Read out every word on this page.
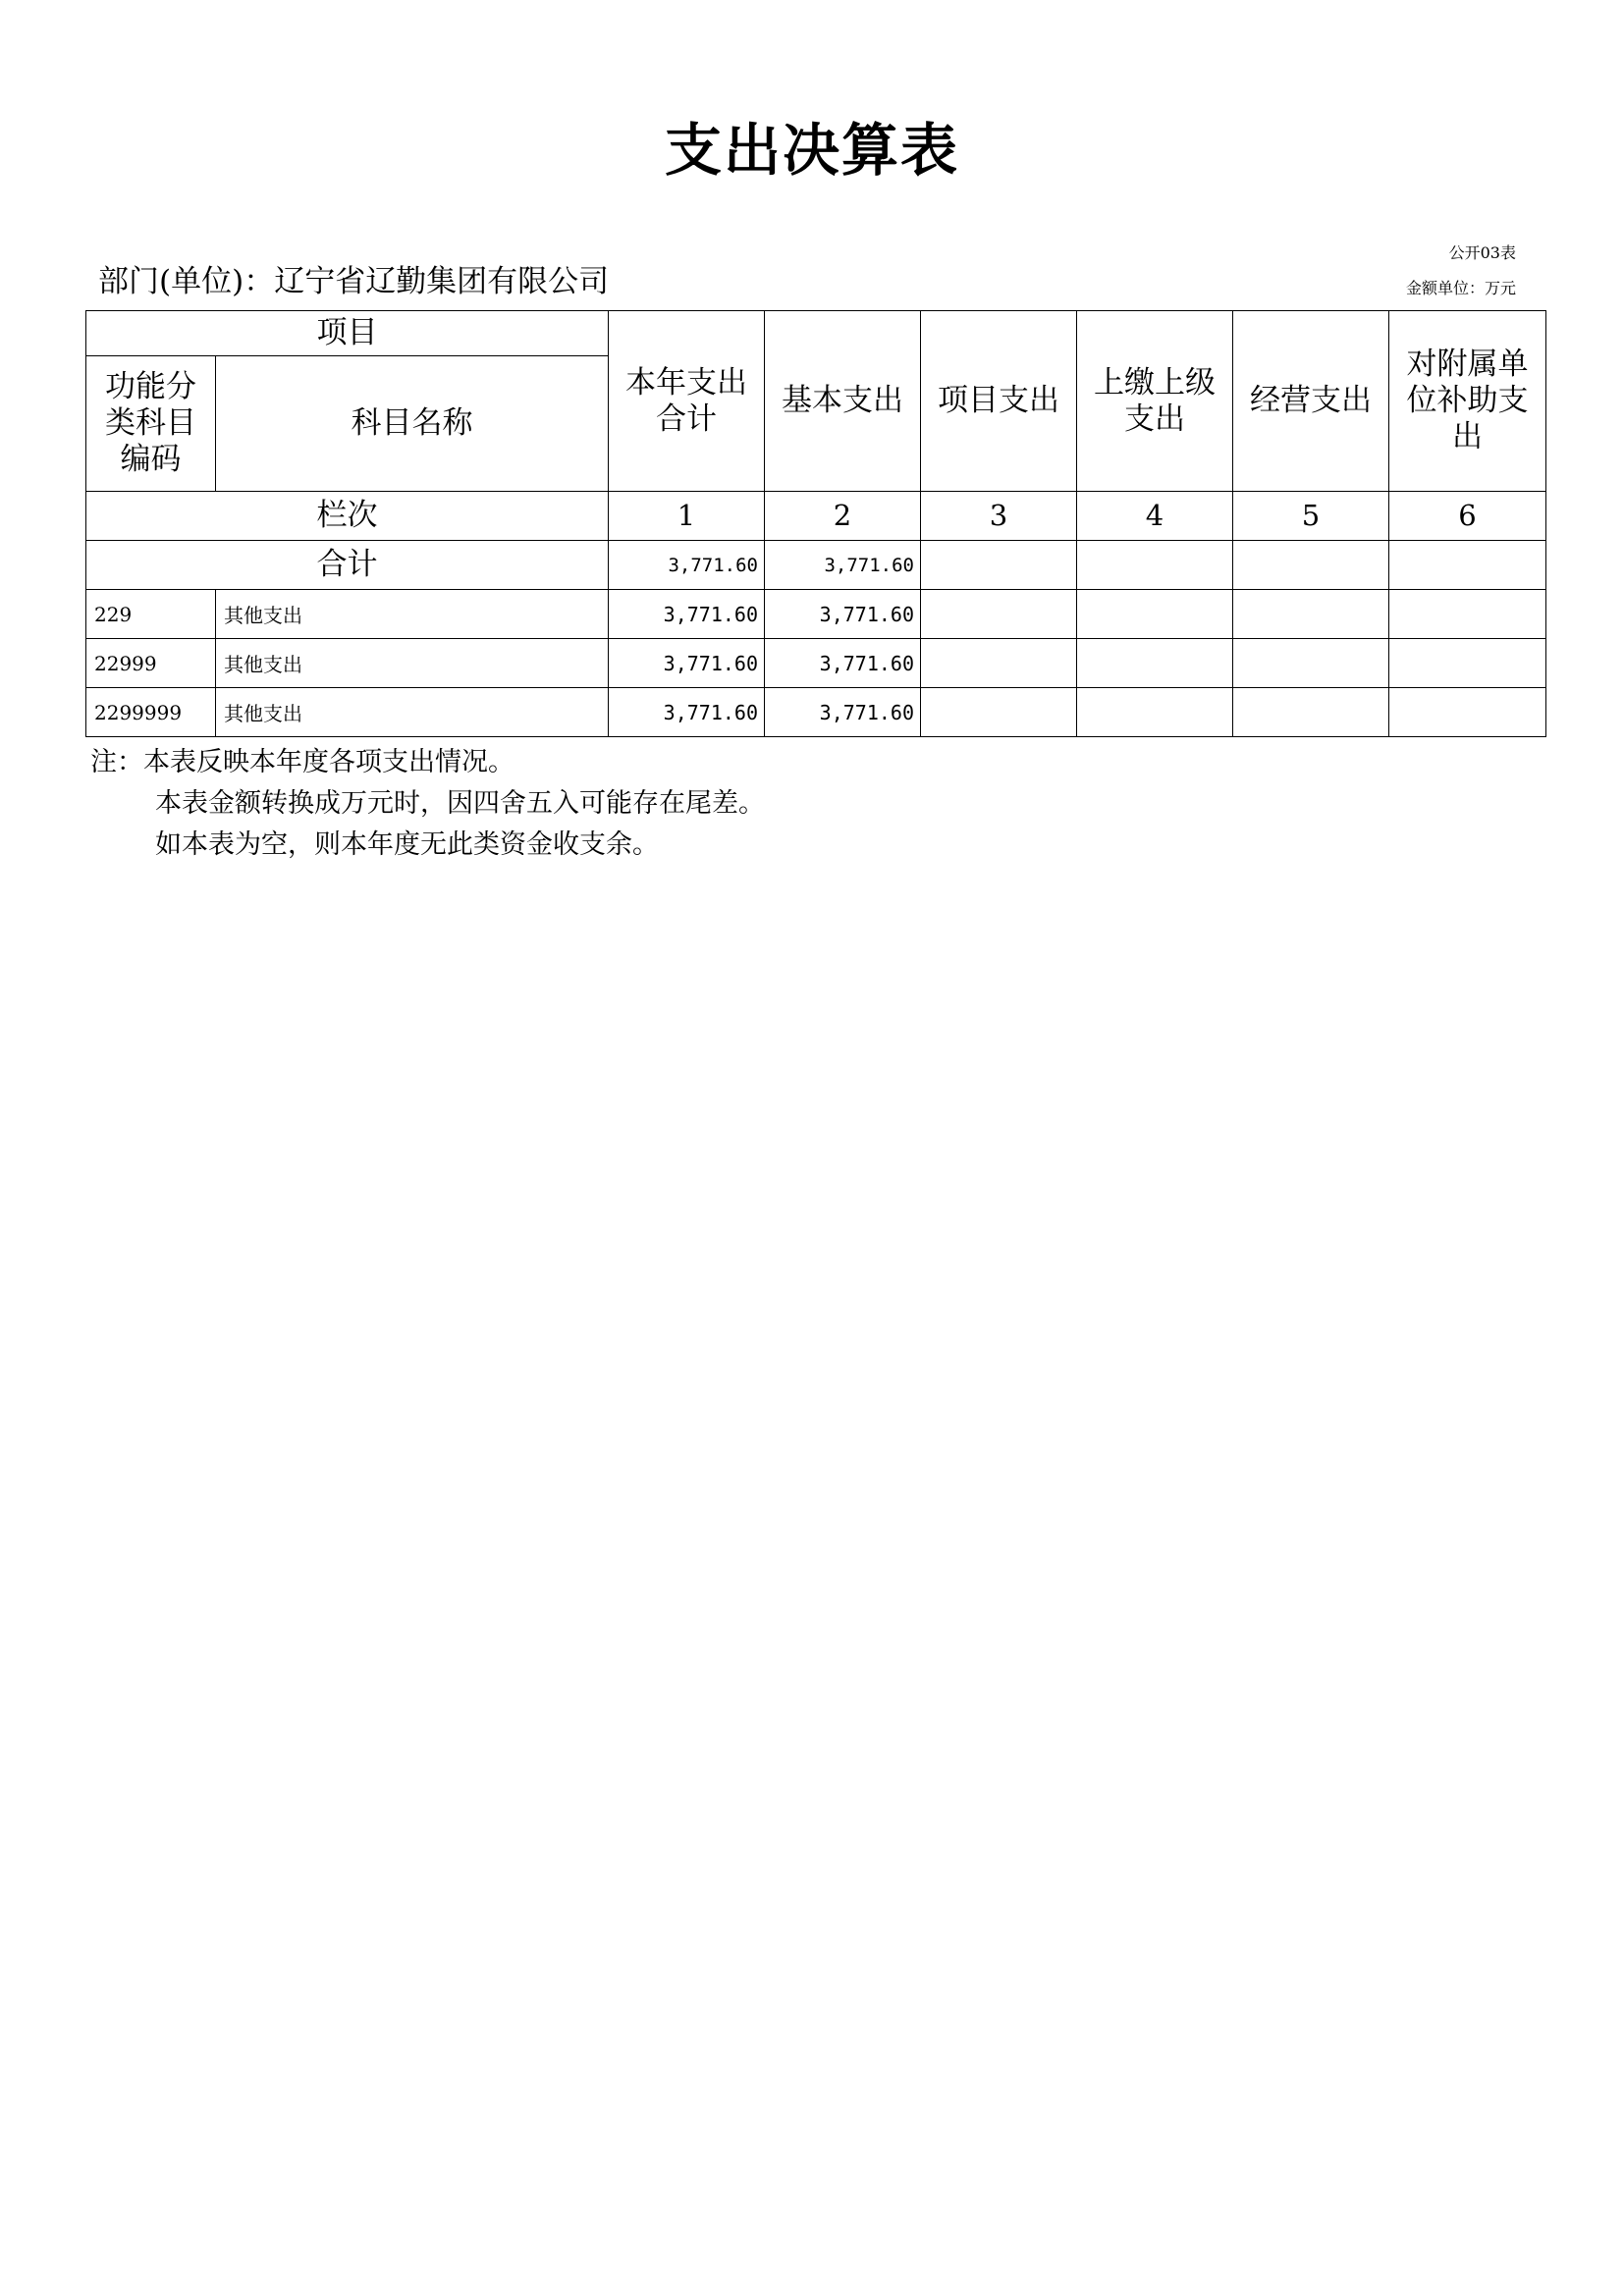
支出决算表
公开03表
金额单位：万元
部门(单位)：辽宁省辽勤集团有限公司
项目		本年支出合计	基本支出	项目支出	上缴上级支出	经营支出	对附属单位补助支出
功能分类科目编码	科目名称						
栏次		1	2	3	4	5	6
合计		3,771.60	3,771.60				
229	其他支出	3,771.60	3,771.60				
22999	其他支出	3,771.60	3,771.60				
2299999	其他支出	3,771.60	3,771.60				
注：本表反映本年度各项支出情况。
本表金额转换成万元时，因四舍五入可能存在尾差。
如本表为空，则本年度无此类资金收支余。
